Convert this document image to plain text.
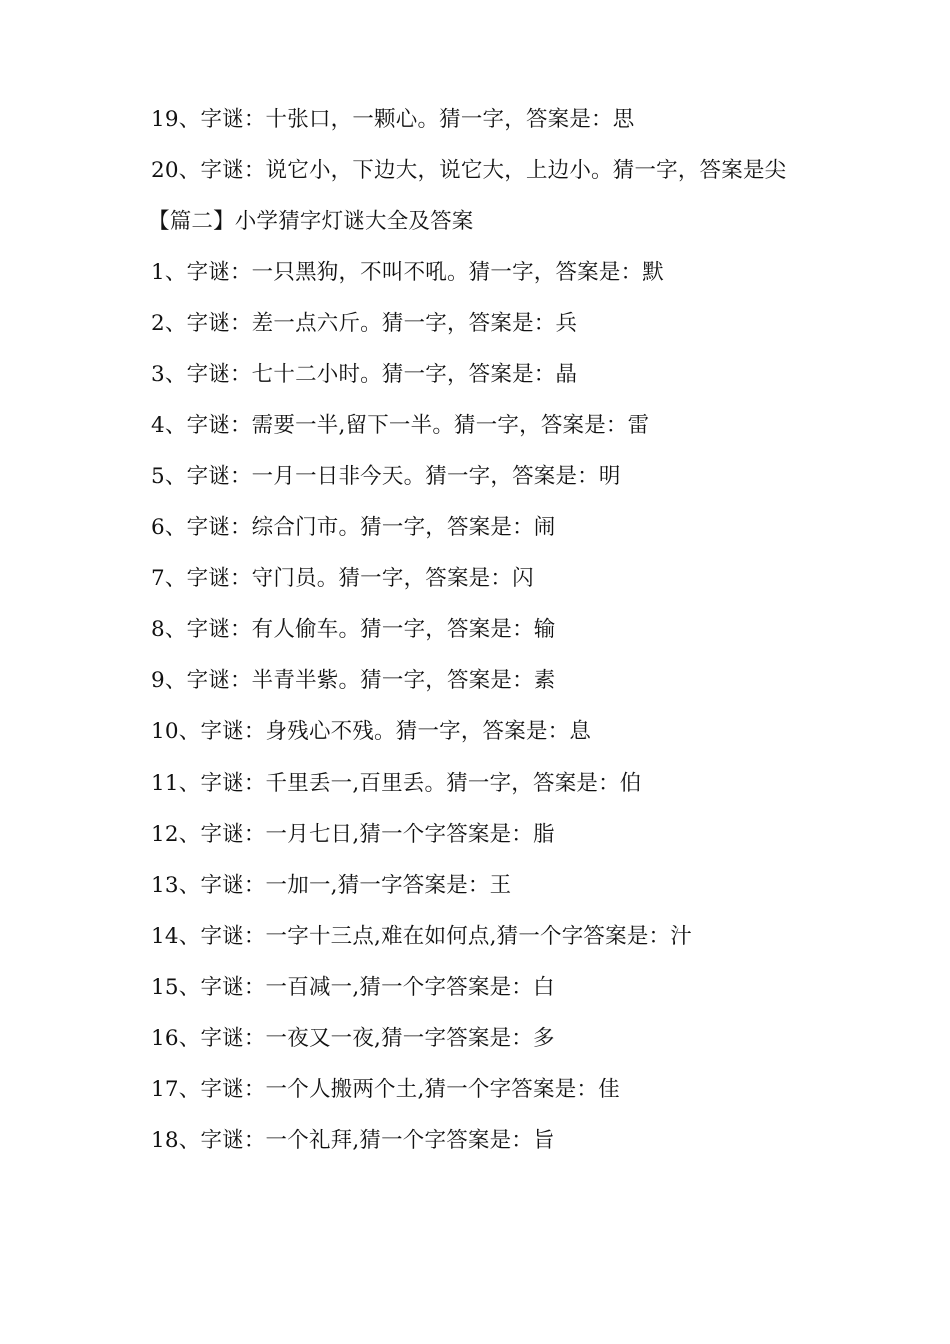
19、字谜：十张口，一颗心。猜一字，答案是：思
20、字谜：说它小，下边大，说它大，上边小。猜一字，答案是尖
【篇二】小学猜字灯谜大全及答案
1、字谜：一只黑狗，不叫不吼。猜一字，答案是：默
2、字谜：差一点六斤。猜一字，答案是：兵
3、字谜：七十二小时。猜一字，答案是：晶
4、字谜：需要一半,留下一半。猜一字，答案是：雷
5、字谜：一月一日非今天。猜一字，答案是：明
6、字谜：综合门市。猜一字，答案是：闹
7、字谜：守门员。猜一字，答案是：闪
8、字谜：有人偷车。猜一字，答案是：输
9、字谜：半青半紫。猜一字，答案是：素
10、字谜：身残心不残。猜一字，答案是：息
11、字谜：千里丢一,百里丢。猜一字，答案是：伯
12、字谜：一月七日,猜一个字答案是：脂
13、字谜：一加一,猜一字答案是：王
14、字谜：一字十三点,难在如何点,猜一个字答案是：汁
15、字谜：一百减一,猜一个字答案是：白
16、字谜：一夜又一夜,猜一字答案是：多
17、字谜：一个人搬两个土,猜一个字答案是：佳
18、字谜：一个礼拜,猜一个字答案是：旨
